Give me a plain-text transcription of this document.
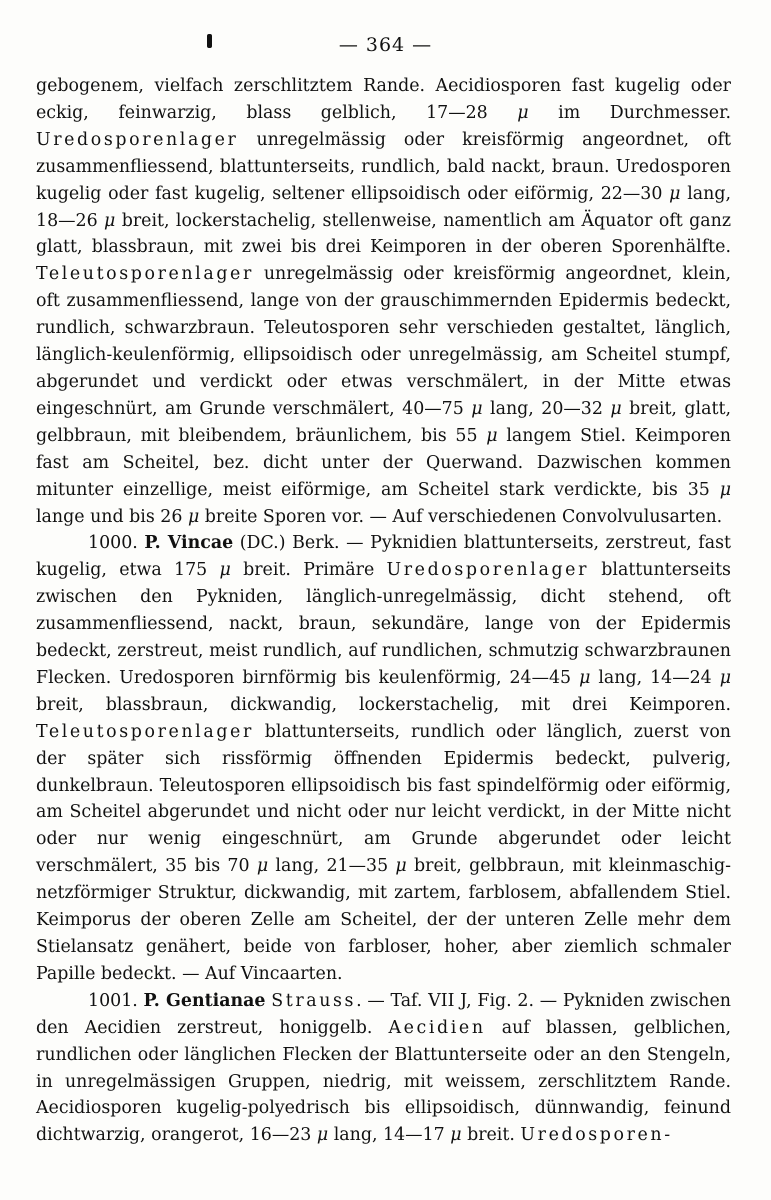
— 364 —

gebogenem, vielfach zerschlitztem Rande. Aecidiosporen fast kugelig oder eckig, feinwarzig, blass gelblich, 17—28 μ im Durchmesser. Uredosporenlager unregelmässig oder kreisförmig angeordnet, oft zusammenfliessend, blattunterseits, rundlich, bald nackt, braun. Uredosporen kugelig oder fast kugelig, seltener ellipsoidisch oder eiförmig, 22—30 μ lang, 18—26 μ breit, lockerstachelig, stellenweise, namentlich am Äquator oft ganz glatt, blassbraun, mit zwei bis drei Keimporen in der oberen Sporenhälfte. Teleutosporenlager unregelmässig oder kreisförmig angeordnet, klein, oft zusammenfliessend, lange von der grauschimmernden Epidermis bedeckt, rundlich, schwarzbraun. Teleutosporen sehr verschieden gestaltet, länglich, länglich-keulenförmig, ellipsoidisch oder unregelmässig, am Scheitel stumpf, abgerundet und verdickt oder etwas verschmälert, in der Mitte etwas eingeschnürt, am Grunde verschmälert, 40—75 μ lang, 20—32 μ breit, glatt, gelbbraun, mit bleibendem, bräunlichem, bis 55 μ langem Stiel. Keimporen fast am Scheitel, bez. dicht unter der Querwand. Dazwischen kommen mitunter einzellige, meist eiförmige, am Scheitel stark verdickte, bis 35 μ lange und bis 26 μ breite Sporen vor. — Auf verschiedenen Convolvulusarten.

1000. P. Vincae (DC.) Berk. — Pyknidien blattunterseits, zerstreut, fast kugelig, etwa 175 μ breit. Primäre Uredosporenlager blattunterseits zwischen den Pykniden, länglich-unregelmässig, dicht stehend, oft zusammenfliessend, nackt, braun, sekundäre, lange von der Epidermis bedeckt, zerstreut, meist rundlich, auf rundlichen, schmutzig schwarzbraunen Flecken. Uredosporen birnförmig bis keulenförmig, 24—45 μ lang, 14—24 μ breit, blassbraun, dickwandig, lockerstachelig, mit drei Keimporen. Teleutosporenlager blattunterseits, rundlich oder länglich, zuerst von der später sich rissförmig öffnenden Epidermis bedeckt, pulverig, dunkelbraun. Teleutosporen ellipsoidisch bis fast spindelförmig oder eiförmig, am Scheitel abgerundet und nicht oder nur leicht verdickt, in der Mitte nicht oder nur wenig eingeschnürt, am Grunde abgerundet oder leicht verschmälert, 35 bis 70 μ lang, 21—35 μ breit, gelbbraun, mit kleinmaschig-netzförmiger Struktur, dickwandig, mit zartem, farblosem, abfallendem Stiel. Keimporus der oberen Zelle am Scheitel, der der unteren Zelle mehr dem Stielansatz genähert, beide von farbloser, hoher, aber ziemlich schmaler Papille bedeckt. — Auf Vincaarten.

1001. P. Gentianae Strauss. — Taf. VII J, Fig. 2. — Pykniden zwischen den Aecidien zerstreut, honiggelb. Aecidien auf blassen, gelblichen, rundlichen oder länglichen Flecken der Blattunterseite oder an den Stengeln, in unregelmässigen Gruppen, niedrig, mit weissem, zerschlitztem Rande. Aecidiosporen kugelig-polyedrisch bis ellipsoidisch, dünnwandig, feinund dichtwarzig, orangerot, 16—23 μ lang, 14—17 μ breit. Uredosporen-
